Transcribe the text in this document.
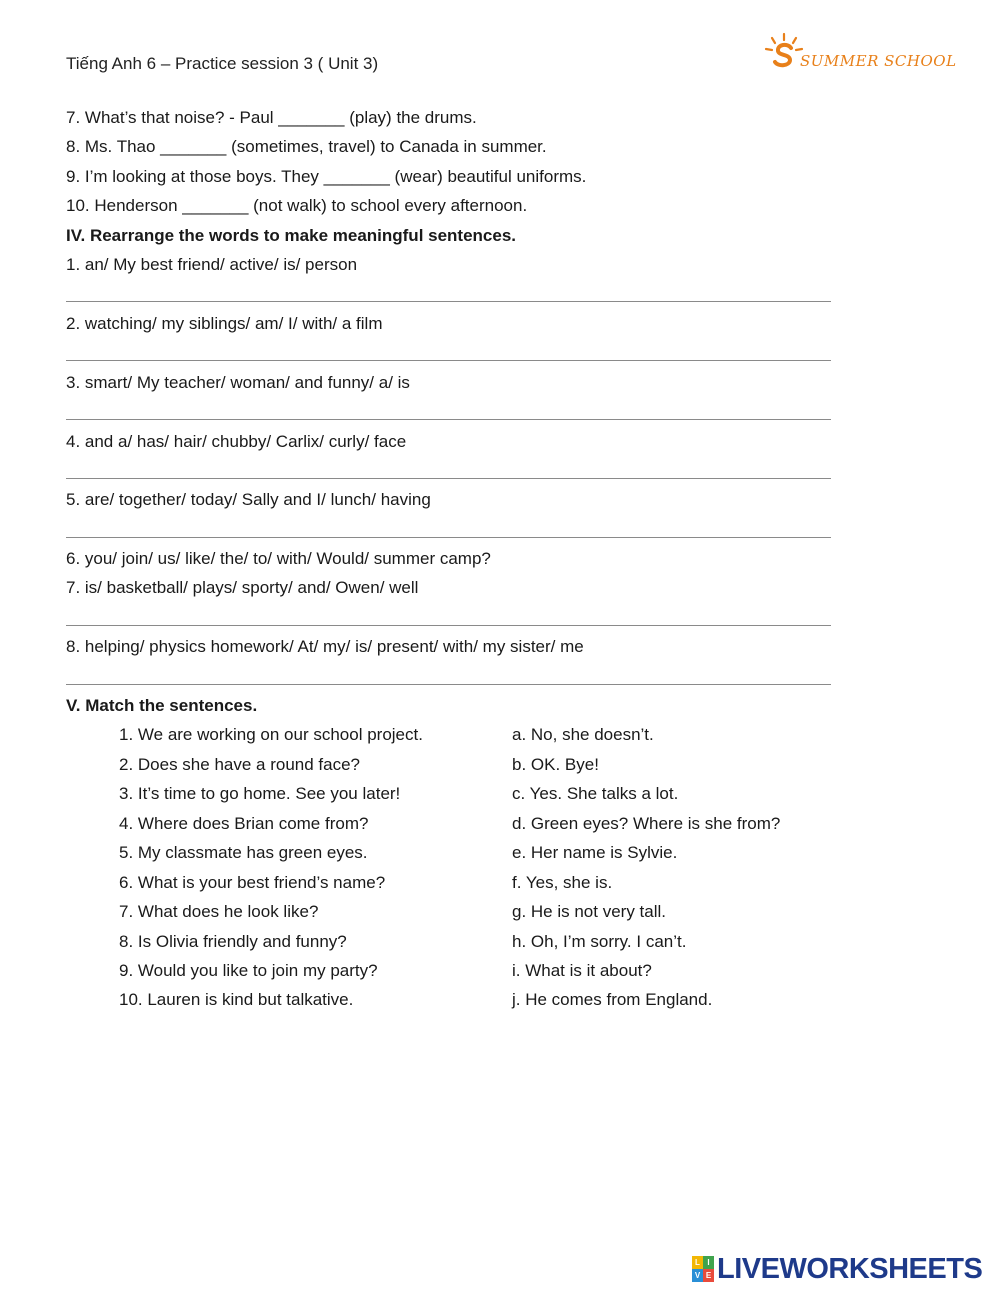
Tiếng Anh 6 – Practice session 3 ( Unit 3)	SUMMER SCHOOL
7. What’s that noise? - Paul _______ (play) the drums.
8. Ms. Thao _______ (sometimes, travel) to Canada in summer.
9. I’m looking at those boys. They _______ (wear) beautiful uniforms.
10. Henderson _______ (not walk) to school every afternoon.
IV. Rearrange the words to make meaningful sentences.
1. an/ My best friend/ active/ is/ person
2. watching/ my siblings/ am/ I/ with/ a film
3. smart/ My teacher/ woman/ and funny/ a/ is
4. and a/ has/ hair/ chubby/ Carlix/ curly/ face
5. are/ together/ today/ Sally and I/ lunch/ having
6. you/ join/ us/ like/ the/ to/ with/ Would/ summer camp?
7. is/ basketball/ plays/ sporty/ and/ Owen/ well
8. helping/ physics homework/ At/ my/ is/ present/ with/ my sister/ me
V. Match the sentences.
1. We are working on our school project.	a. No, she doesn’t.
2. Does she have a round face?	b. OK. Bye!
3. It’s time to go home. See you later!	c. Yes. She talks a lot.
4. Where does Brian come from?	d. Green eyes? Where is she from?
5. My classmate has green eyes.	e. Her name is Sylvie.
6. What is your best friend’s name?	f. Yes, she is.
7. What does he look like?	g. He is not very tall.
8. Is Olivia friendly and funny?	h. Oh, I’m sorry. I can’t.
9. Would you like to join my party?	i. What is it about?
10. Lauren is kind but talkative.	j. He comes from England.
L I
V E LIVEWORKSHEETS
